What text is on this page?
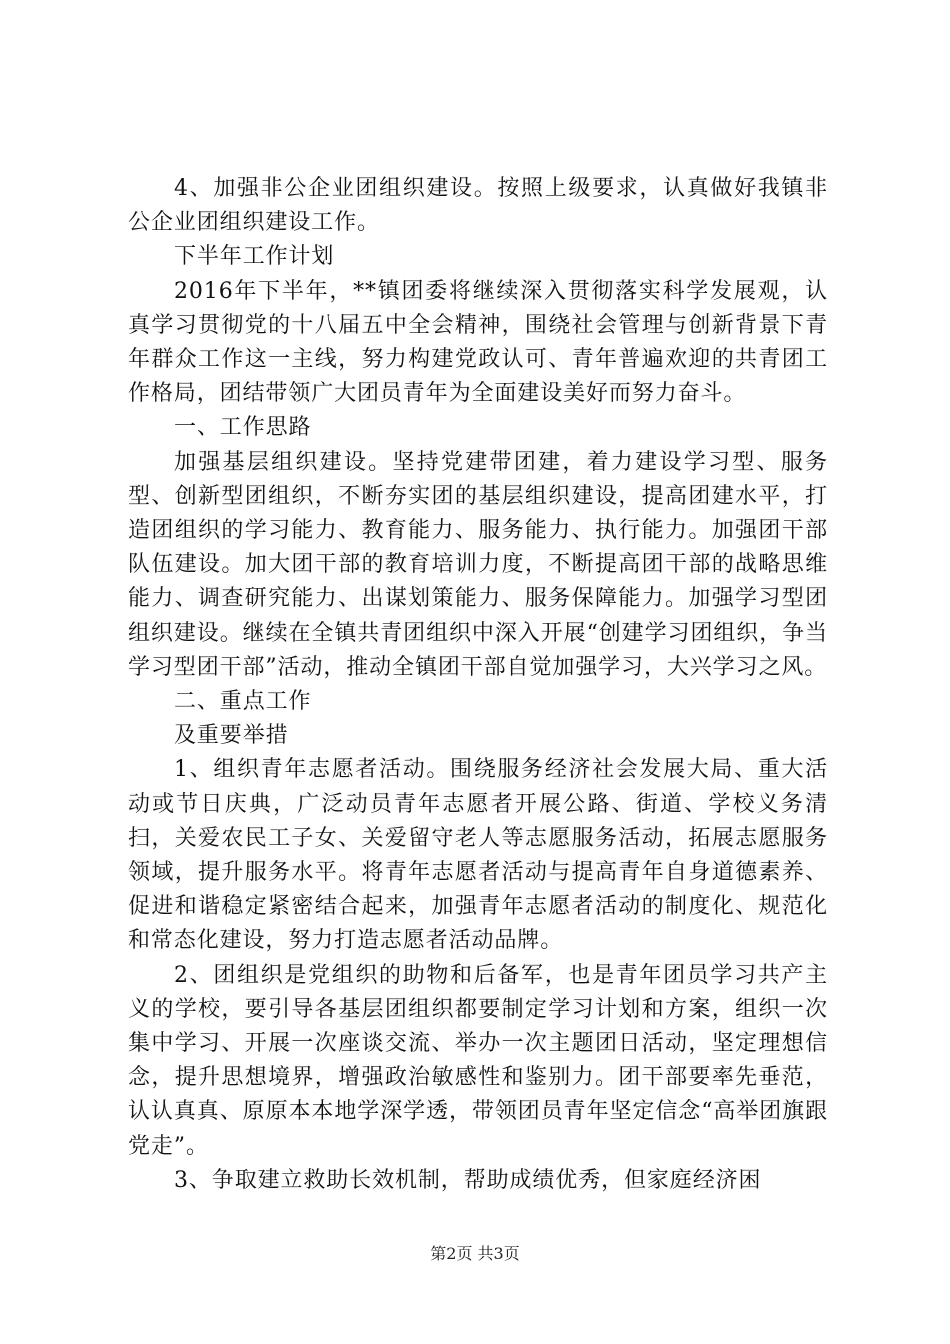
4、加强非公企业团组织建设。按照上级要求，认真做好我镇非公企业团组织建设工作。

下半年工作计划

2016年下半年，**镇团委将继续深入贯彻落实科学发展观，认真学习贯彻党的十八届五中全会精神，围绕社会管理与创新背景下青年群众工作这一主线，努力构建党政认可、青年普遍欢迎的共青团工作格局，团结带领广大团员青年为全面建设美好而努力奋斗。

一、工作思路

加强基层组织建设。坚持党建带团建，着力建设学习型、服务型、创新型团组织，不断夯实团的基层组织建设，提高团建水平，打造团组织的学习能力、教育能力、服务能力、执行能力。加强团干部队伍建设。加大团干部的教育培训力度，不断提高团干部的战略思维能力、调查研究能力、出谋划策能力、服务保障能力。加强学习型团组织建设。继续在全镇共青团组织中深入开展“创建学习团组织，争当学习型团干部”活动，推动全镇团干部自觉加强学习，大兴学习之风。

二、重点工作

及重要举措

1、组织青年志愿者活动。围绕服务经济社会发展大局、重大活动或节日庆典，广泛动员青年志愿者开展公路、街道、学校义务清扫，关爱农民工子女、关爱留守老人等志愿服务活动，拓展志愿服务领域，提升服务水平。将青年志愿者活动与提高青年自身道德素养、促进和谐稳定紧密结合起来，加强青年志愿者活动的制度化、规范化和常态化建设，努力打造志愿者活动品牌。

2、团组织是党组织的助物和后备军，也是青年团员学习共产主义的学校，要引导各基层团组织都要制定学习计划和方案，组织一次集中学习、开展一次座谈交流、举办一次主题团日活动，坚定理想信念，提升思想境界，增强政治敏感性和鉴别力。团干部要率先垂范，认认真真、原原本本地学深学透，带领团员青年坚定信念“高举团旗跟党走”。

3、争取建立救助长效机制，帮助成绩优秀，但家庭经济困

第2页 共3页
